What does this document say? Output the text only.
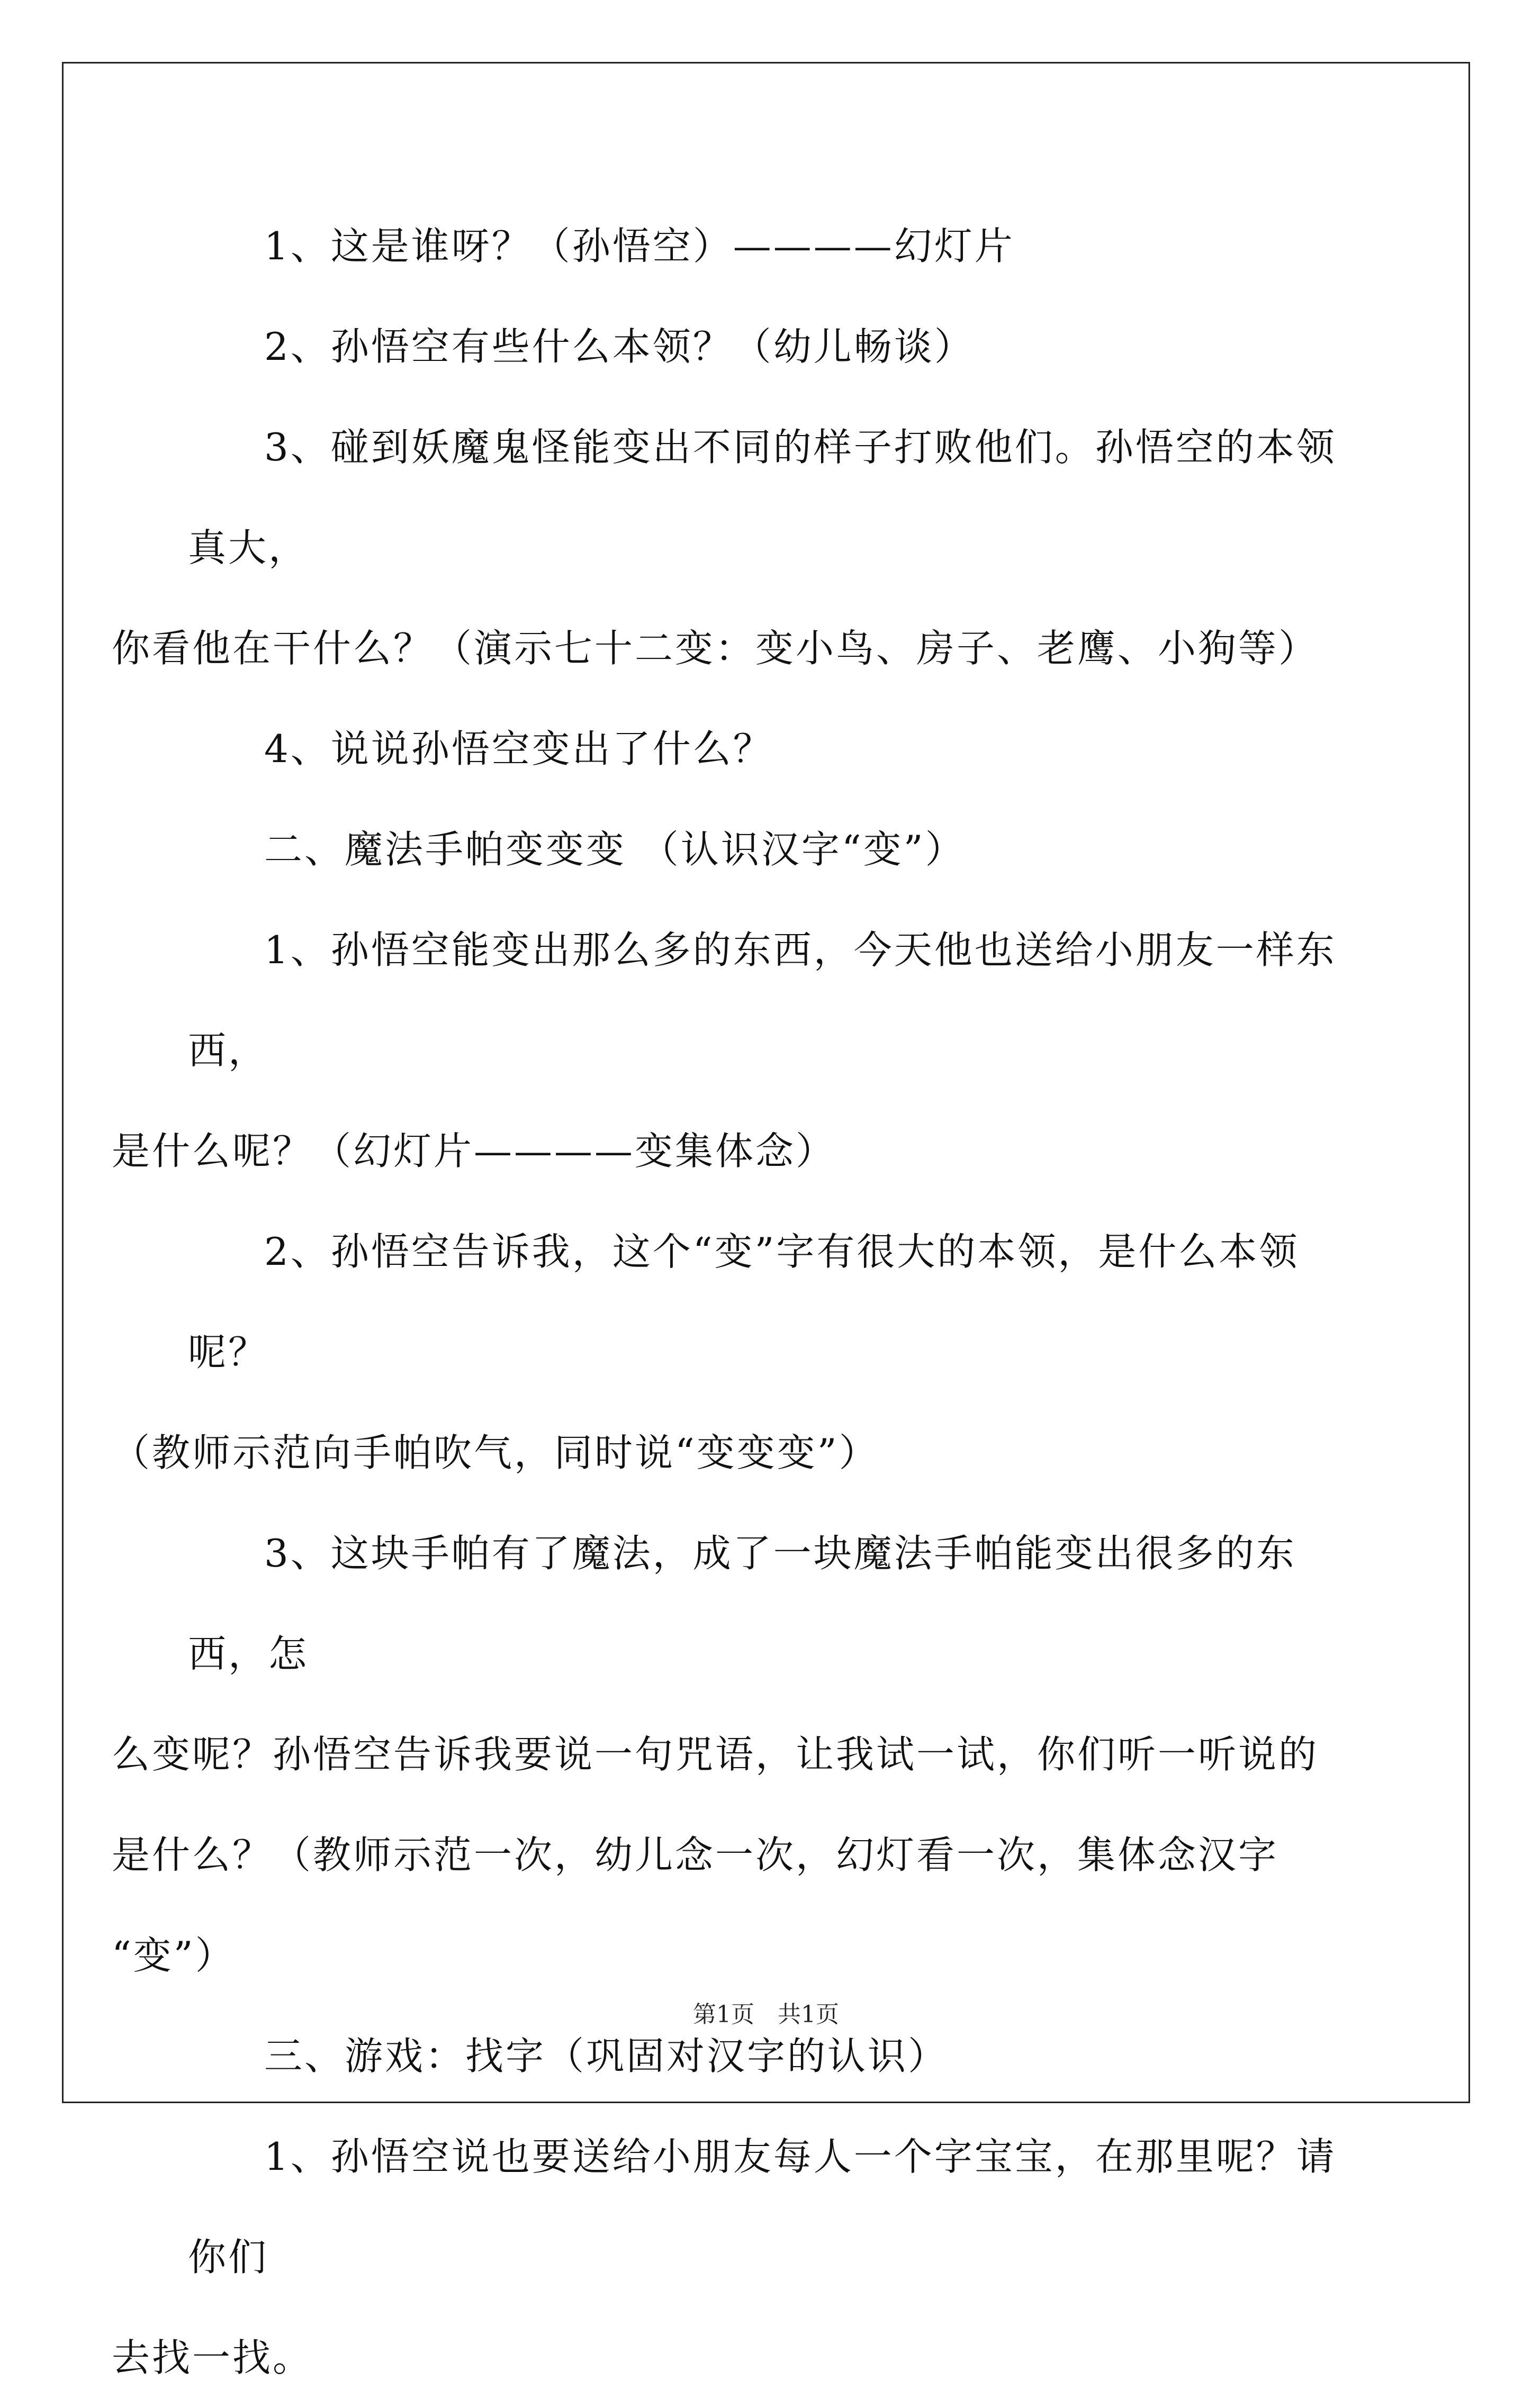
1、这是谁呀？（孙悟空）————幻灯片

2、孙悟空有些什么本领？（幼儿畅谈）

3、碰到妖魔鬼怪能变出不同的样子打败他们。孙悟空的本领真大，
你看他在干什么？（演示七十二变：变小鸟、房子、老鹰、小狗等）

4、说说孙悟空变出了什么？

二、魔法手帕变变变 （认识汉字“变”）

1、孙悟空能变出那么多的东西，今天他也送给小朋友一样东西，
是什么呢？（幻灯片————变集体念）

2、孙悟空告诉我，这个“变”字有很大的本领，是什么本领呢？
（教师示范向手帕吹气，同时说“变变变”）

3、这块手帕有了魔法，成了一块魔法手帕能变出很多的东西，怎
么变呢？孙悟空告诉我要说一句咒语，让我试一试，你们听一听说的
是什么？（教师示范一次，幼儿念一次，幻灯看一次，集体念汉字
“变”）

三、游戏：找字（巩固对汉字的认识）

1、孙悟空说也要送给小朋友每人一个字宝宝，在那里呢？请你们
去找一找。

第1页　共1页
